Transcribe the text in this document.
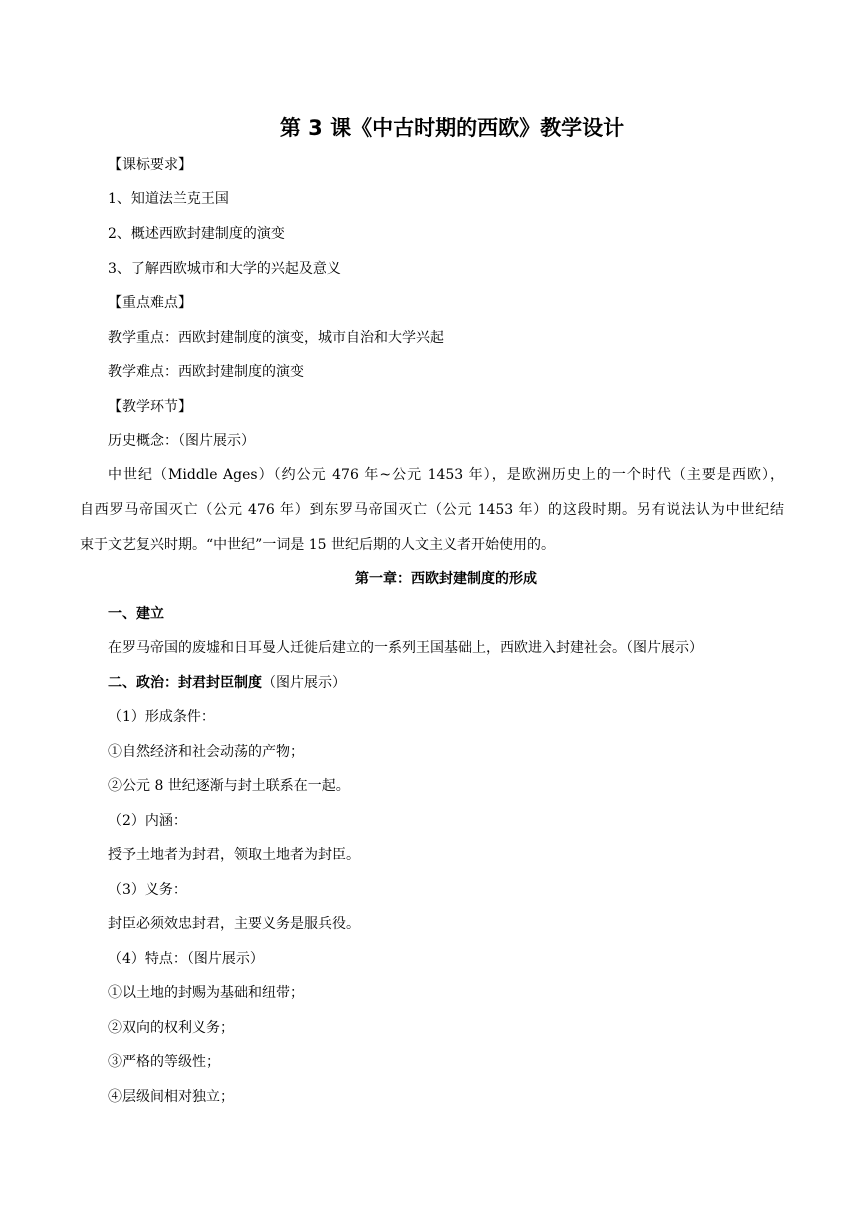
第 3 课《中古时期的西欧》教学设计

【课标要求】

1、知道法兰克王国

2、概述西欧封建制度的演变

3、了解西欧城市和大学的兴起及意义

【重点难点】

教学重点：西欧封建制度的演变，城市自治和大学兴起

教学难点：西欧封建制度的演变

【教学环节】

历史概念：（图片展示）

中世纪（Middle Ages）（约公元 476 年~公元 1453 年），是欧洲历史上的一个时代（主要是西欧），

自西罗马帝国灭亡（公元 476 年）到东罗马帝国灭亡（公元 1453 年）的这段时期。另有说法认为中世纪结

束于文艺复兴时期。“中世纪”一词是 15 世纪后期的人文主义者开始使用的。

第一章：西欧封建制度的形成

一、建立

在罗马帝国的废墟和日耳曼人迁徙后建立的一系列王国基础上，西欧进入封建社会。（图片展示）

二、政治：封君封臣制度（图片展示）

（1）形成条件：

①自然经济和社会动荡的产物；

②公元 8 世纪逐渐与封土联系在一起。

（2）内涵：

授予土地者为封君，领取土地者为封臣。

（3）义务：

封臣必须效忠封君，主要义务是服兵役。

（4）特点：（图片展示）

①以土地的封赐为基础和纽带；

②双向的权利义务；

③严格的等级性；

④层级间相对独立；
